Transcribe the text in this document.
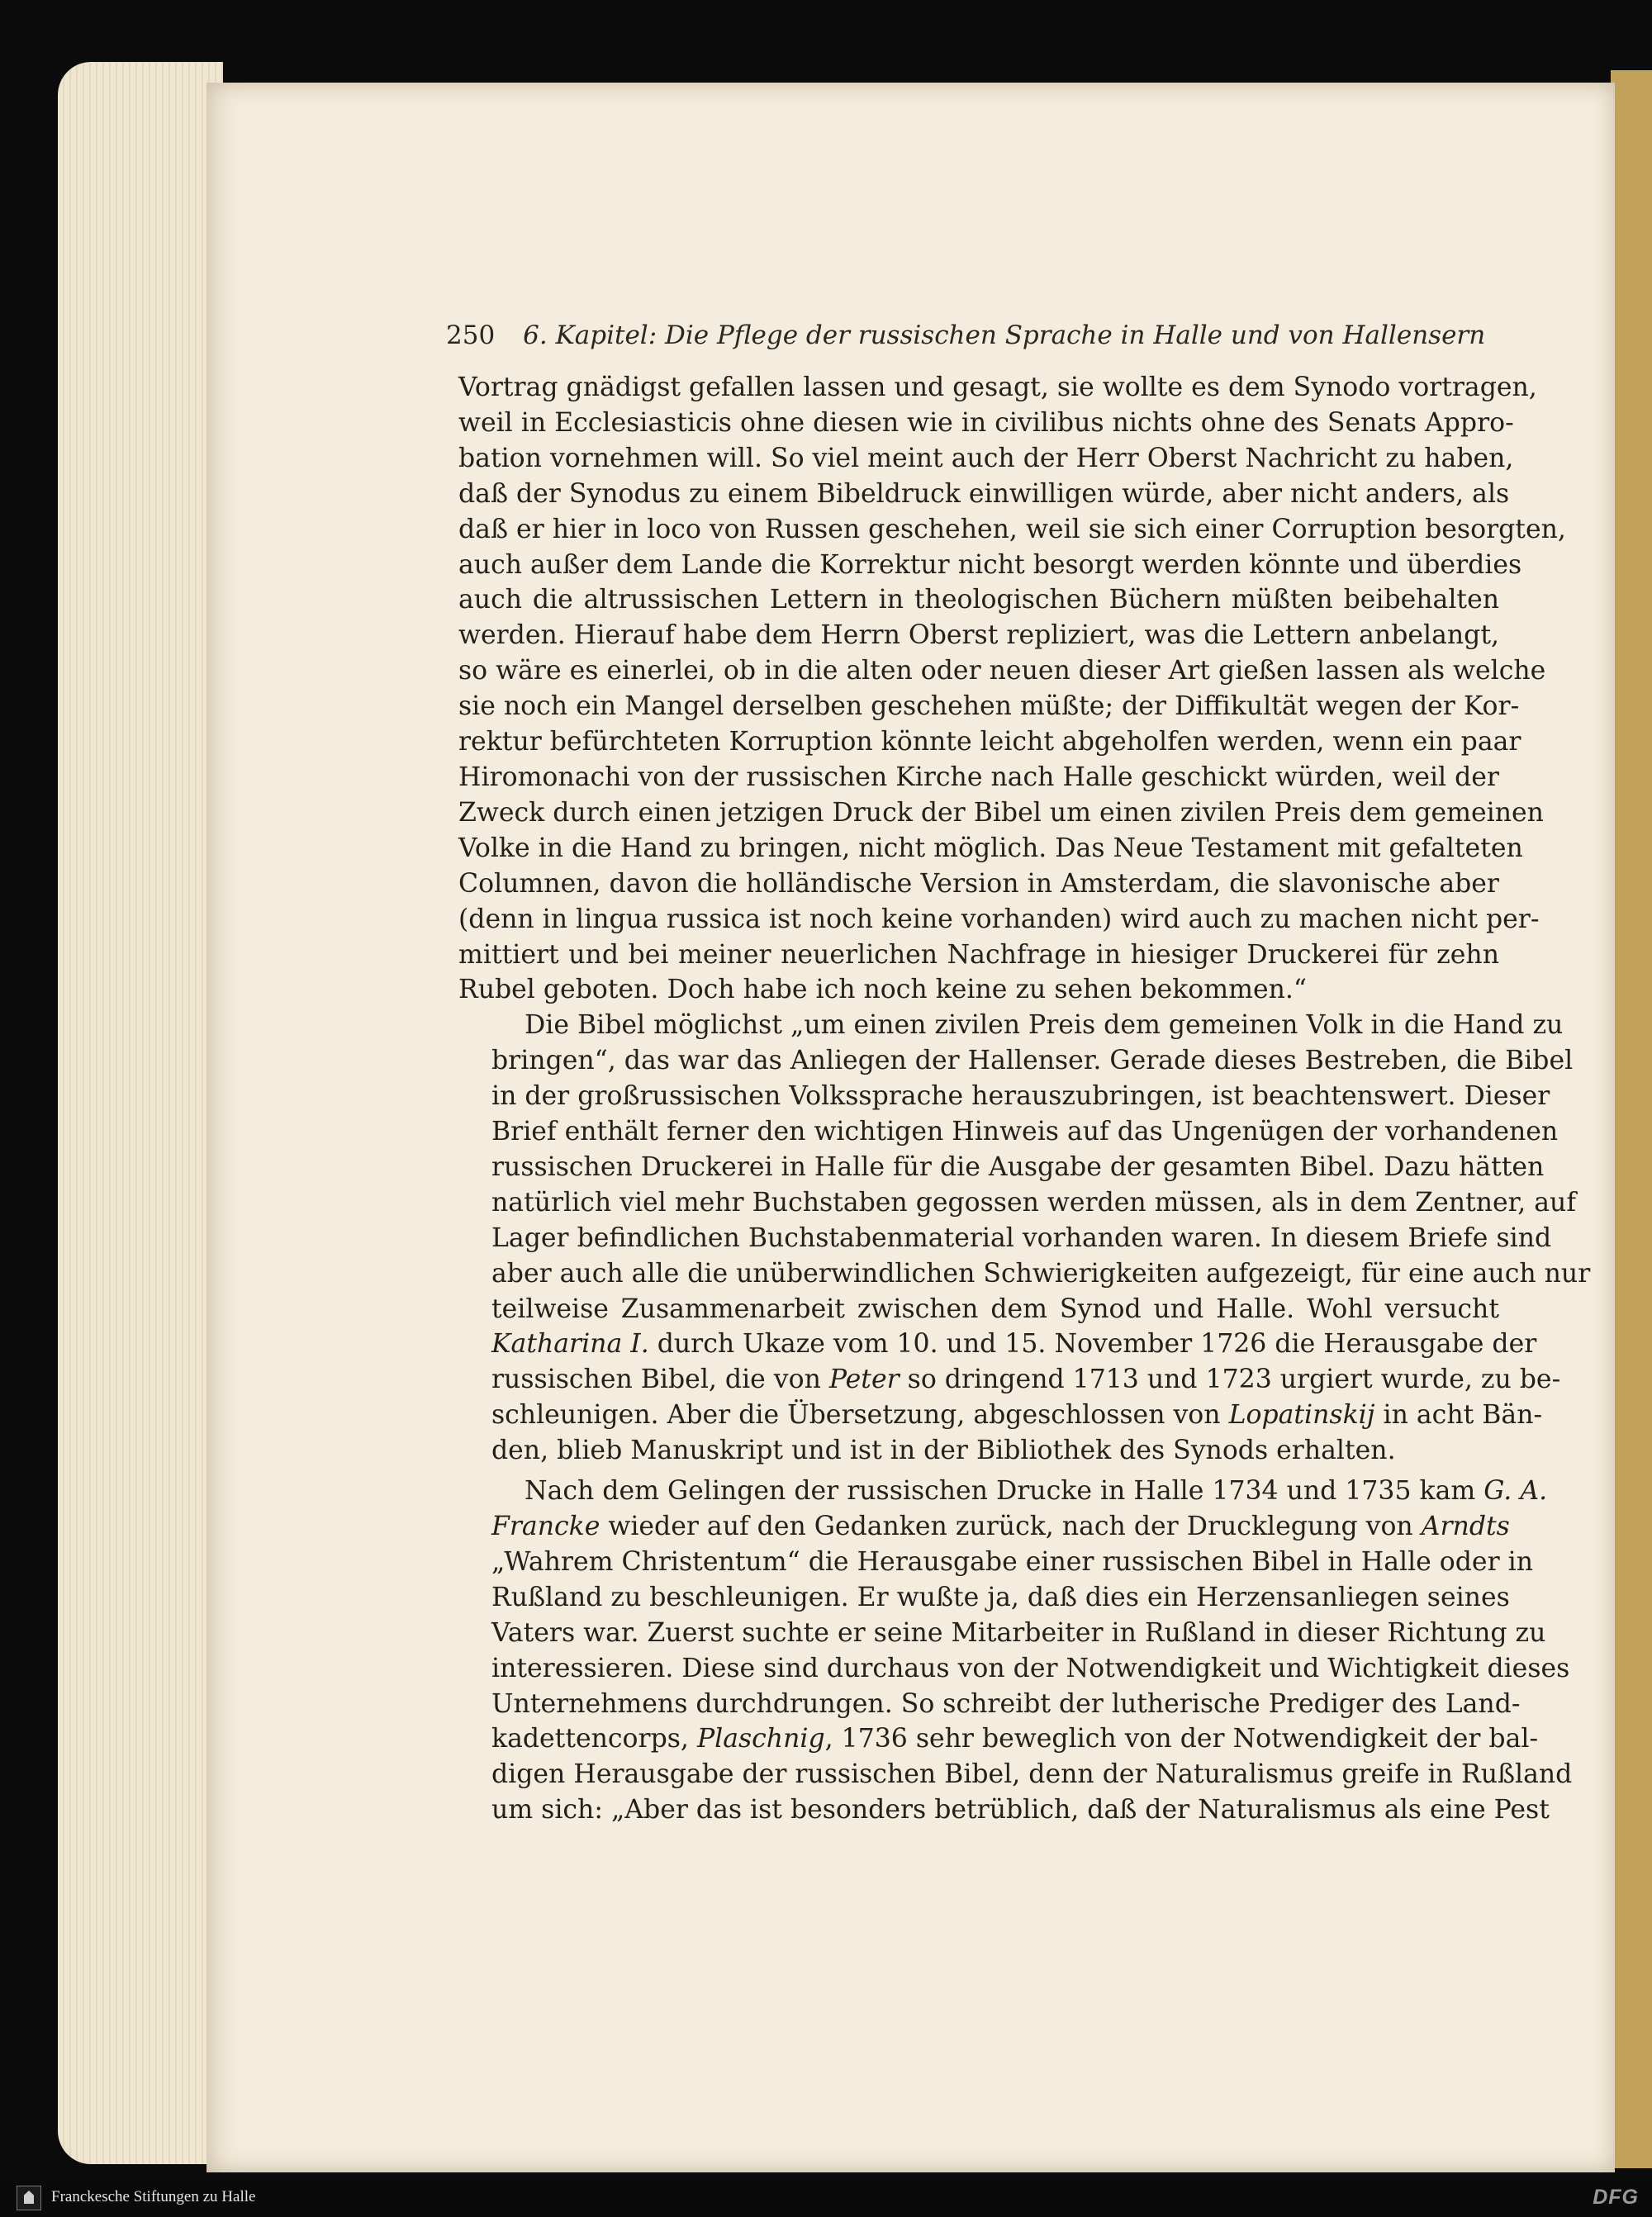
250 6. Kapitel: Die Pflege der russischen Sprache in Halle und von Hallensern

Vortrag gnädigst gefallen lassen und gesagt, sie wollte es dem Synodo vortragen,
weil in Ecclesiasticis ohne diesen wie in civilibus nichts ohne des Senats Appro-
bation vornehmen will. So viel meint auch der Herr Oberst Nachricht zu haben,
daß der Synodus zu einem Bibeldruck einwilligen würde, aber nicht anders, als
daß er hier in loco von Russen geschehen, weil sie sich einer Corruption besorgten,
auch außer dem Lande die Korrektur nicht besorgt werden könnte und überdies
auch die altrussischen Lettern in theologischen Büchern müßten beibehalten
werden. Hierauf habe dem Herrn Oberst repliziert, was die Lettern anbelangt,
so wäre es einerlei, ob in die alten oder neuen dieser Art gießen lassen als welche
sie noch ein Mangel derselben geschehen müßte; der Diffikultät wegen der Kor-
rektur befürchteten Korruption könnte leicht abgeholfen werden, wenn ein paar
Hiromonachi von der russischen Kirche nach Halle geschickt würden, weil der
Zweck durch einen jetzigen Druck der Bibel um einen zivilen Preis dem gemeinen
Volke in die Hand zu bringen, nicht möglich. Das Neue Testament mit gefalteten
Columnen, davon die holländische Version in Amsterdam, die slavonische aber
(denn in lingua russica ist noch keine vorhanden) wird auch zu machen nicht per-
mittiert und bei meiner neuerlichen Nachfrage in hiesiger Druckerei für zehn
Rubel geboten. Doch habe ich noch keine zu sehen bekommen.“

Die Bibel möglichst „um einen zivilen Preis dem gemeinen Volk in die Hand zu
bringen“, das war das Anliegen der Hallenser. Gerade dieses Bestreben, die Bibel
in der großrussischen Volkssprache herauszubringen, ist beachtenswert. Dieser
Brief enthält ferner den wichtigen Hinweis auf das Ungenügen der vorhandenen
russischen Druckerei in Halle für die Ausgabe der gesamten Bibel. Dazu hätten
natürlich viel mehr Buchstaben gegossen werden müssen, als in dem Zentner, auf
Lager befindlichen Buchstabenmaterial vorhanden waren. In diesem Briefe sind
aber auch alle die unüberwindlichen Schwierigkeiten aufgezeigt, für eine auch nur
teilweise Zusammenarbeit zwischen dem Synod und Halle. Wohl versucht
Katharina I. durch Ukaze vom 10. und 15. November 1726 die Herausgabe der
russischen Bibel, die von Peter so dringend 1713 und 1723 urgiert wurde, zu be-
schleunigen. Aber die Übersetzung, abgeschlossen von Lopatinskij in acht Bän-
den, blieb Manuskript und ist in der Bibliothek des Synods erhalten.

Nach dem Gelingen der russischen Drucke in Halle 1734 und 1735 kam G. A.
Francke wieder auf den Gedanken zurück, nach der Drucklegung von Arndts
„Wahrem Christentum“ die Herausgabe einer russischen Bibel in Halle oder in
Rußland zu beschleunigen. Er wußte ja, daß dies ein Herzensanliegen seines
Vaters war. Zuerst suchte er seine Mitarbeiter in Rußland in dieser Richtung zu
interessieren. Diese sind durchaus von der Notwendigkeit und Wichtigkeit dieses
Unternehmens durchdrungen. So schreibt der lutherische Prediger des Land-
kadettencorps, Plaschnig, 1736 sehr beweglich von der Notwendigkeit der bal-
digen Herausgabe der russischen Bibel, denn der Naturalismus greife in Rußland
um sich: „Aber das ist besonders betrüblich, daß der Naturalismus als eine Pest

Franckesche Stiftungen zu Halle	DFG
